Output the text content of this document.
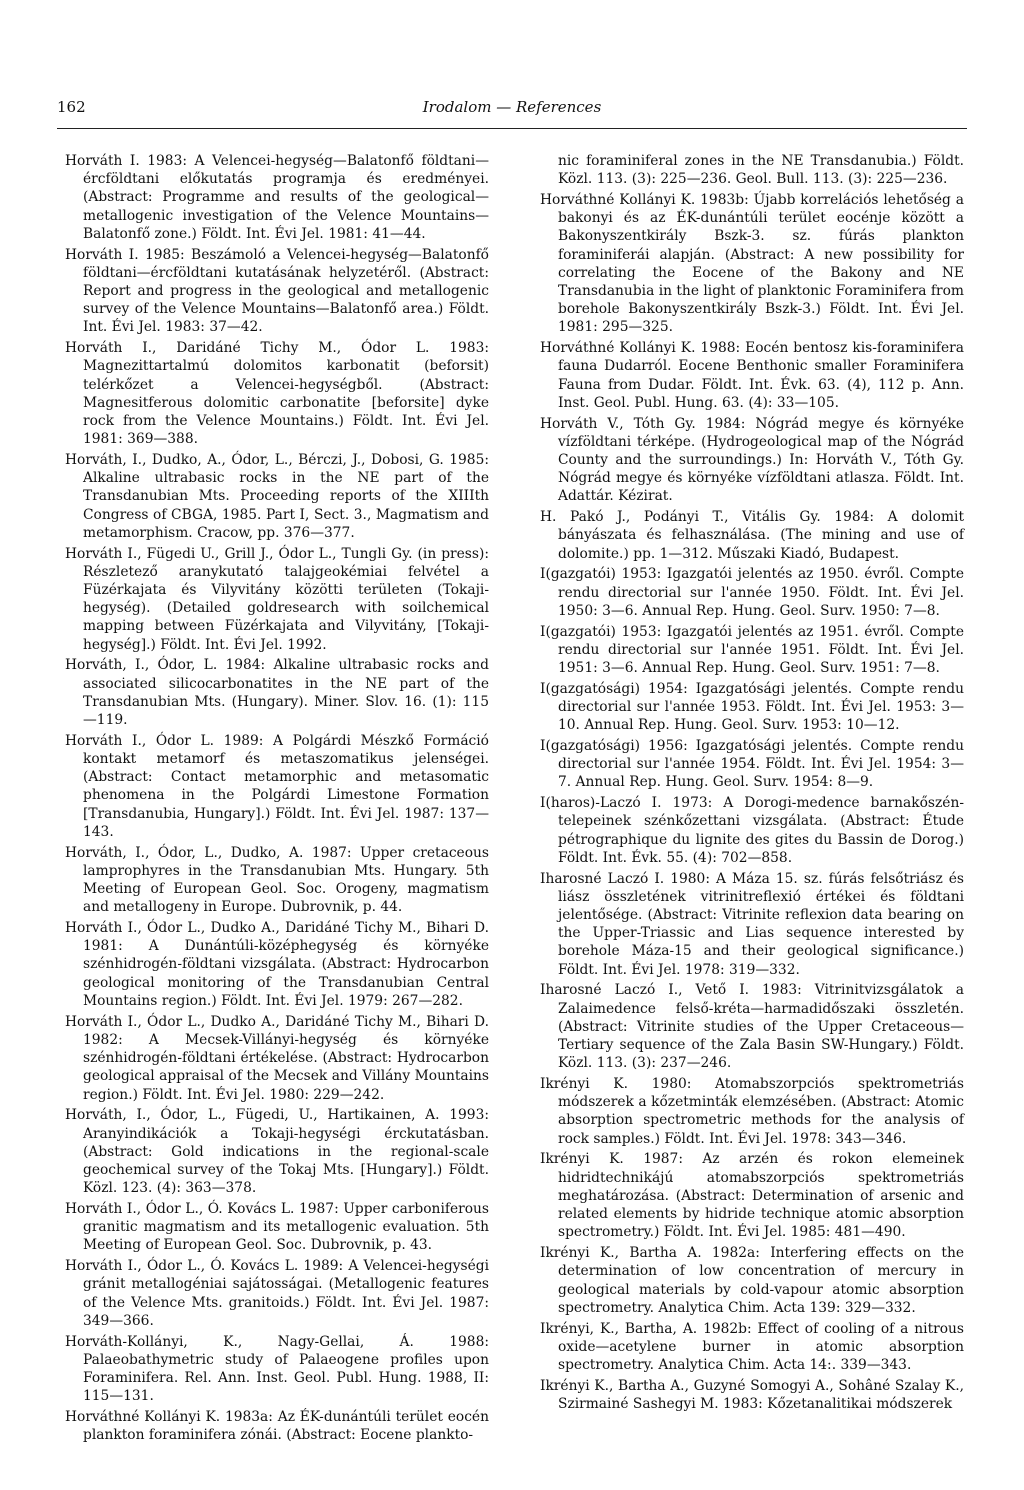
162	Irodalom — References

Horváth I. 1983: A Velencei-hegység—Balatonfő földtani—ércföldtani előkutatás programja és eredményei. (Abstract: Programme and results of the geological—metallogenic investigation of the Velence Mountains—Balatonfő zone.) Földt. Int. Évi Jel. 1981: 41—44.

Horváth I. 1985: Beszámoló a Velencei-hegység—Balatonfő földtani—ércföldtani kutatásának helyzetéről. (Abstract: Report and progress in the geological and metallogenic survey of the Velence Mountains—Balatonfő area.) Földt. Int. Évi Jel. 1983: 37—42.

Horváth I., Daridáné Tichy M., Ódor L. 1983: Magnezittartalmú dolomitos karbonatit (beforsit) telérkőzet a Velencei-hegységből. (Abstract: Magnesitferous dolomitic carbonatite [beforsite] dyke rock from the Velence Mountains.) Földt. Int. Évi Jel. 1981: 369—388.

Horváth, I., Dudko, A., Ódor, L., Bérczi, J., Dobosi, G. 1985: Alkaline ultrabasic rocks in the NE part of the Transdanubian Mts. Proceeding reports of the XIIIth Congress of CBGA, 1985. Part I, Sect. 3., Magmatism and metamorphism. Cracow, pp. 376—377.

Horváth I., Fügedi U., Grill J., Ódor L., Tungli Gy. (in press): Részletező aranykutató talajgeokémiai felvétel a Füzérkajata és Vilyvitány közötti területen (Tokaji-hegység). (Detailed goldresearch with soilchemical mapping between Füzérkajata and Vilyvitány, [Tokaji-hegység].) Földt. Int. Évi Jel. 1992.

Horváth, I., Ódor, L. 1984: Alkaline ultrabasic rocks and associated silicocarbonatites in the NE part of the Transdanubian Mts. (Hungary). Miner. Slov. 16. (1): 115—119.

Horváth I., Ódor L. 1989: A Polgárdi Mészkő Formáció kontakt metamorf és metaszomatikus jelenségei. (Abstract: Contact metamorphic and metasomatic phenomena in the Polgárdi Limestone Formation [Transdanubia, Hungary].) Földt. Int. Évi Jel. 1987: 137—143.

Horváth, I., Ódor, L., Dudko, A. 1987: Upper cretaceous lamprophyres in the Transdanubian Mts. Hungary. 5th Meeting of European Geol. Soc. Orogeny, magmatism and metallogeny in Europe. Dubrovnik, p. 44.

Horváth I., Ódor L., Dudko A., Daridáné Tichy M., Bihari D. 1981: A Dunántúli-középhegység és környéke szénhidrogén-földtani vizsgálata. (Abstract: Hydrocarbon geological monitoring of the Transdanubian Central Mountains region.) Földt. Int. Évi Jel. 1979: 267—282.

Horváth I., Ódor L., Dudko A., Daridáné Tichy M., Bihari D. 1982: A Mecsek-Villányi-hegység és környéke szénhidrogén-földtani értékelése. (Abstract: Hydrocarbon geological appraisal of the Mecsek and Villány Mountains region.) Földt. Int. Évi Jel. 1980: 229—242.

Horváth, I., Ódor, L., Fügedi, U., Hartikainen, A. 1993: Aranyindikációk a Tokaji-hegységi érckutatásban. (Abstract: Gold indications in the regional-scale geochemical survey of the Tokaj Mts. [Hungary].) Földt. Közl. 123. (4): 363—378.

Horváth I., Ódor L., Ó. Kovács L. 1987: Upper carboniferous granitic magmatism and its metallogenic evaluation. 5th Meeting of European Geol. Soc. Dubrovnik, p. 43.

Horváth I., Ódor L., Ó. Kovács L. 1989: A Velencei-hegységi gránit metallogéniai sajátosságai. (Metallogenic features of the Velence Mts. granitoids.) Földt. Int. Évi Jel. 1987: 349—366.

Horváth-Kollányi, K., Nagy-Gellai, Á. 1988: Palaeobathymetric study of Palaeogene profiles upon Foraminifera. Rel. Ann. Inst. Geol. Publ. Hung. 1988, II: 115—131.

Horváthné Kollányi K. 1983a: Az ÉK-dunántúli terület eocén plankton foraminifera zónái. (Abstract: Eocene plankto-

nic foraminiferal zones in the NE Transdanubia.) Földt. Közl. 113. (3): 225—236. Geol. Bull. 113. (3): 225—236.

Horváthné Kollányi K. 1983b: Újabb korrelációs lehetőség a bakonyi és az ÉK-dunántúli terület eocénje között a Bakonyszentkirály Bszk-3. sz. fúrás plankton foraminiferái alapján. (Abstract: A new possibility for correlating the Eocene of the Bakony and NE Transdanubia in the light of planktonic Foraminifera from borehole Bakonyszentkirály Bszk-3.) Földt. Int. Évi Jel. 1981: 295—325.

Horváthné Kollányi K. 1988: Eocén bentosz kis-foraminifera fauna Dudarról. Eocene Benthonic smaller Foraminifera Fauna from Dudar. Földt. Int. Évk. 63. (4), 112 p. Ann. Inst. Geol. Publ. Hung. 63. (4): 33—105.

Horváth V., Tóth Gy. 1984: Nógrád megye és környéke vízföldtani térképe. (Hydrogeological map of the Nógrád County and the surroundings.) In: Horváth V., Tóth Gy. Nógrád megye és környéke vízföldtani atlasza. Földt. Int. Adattár. Kézirat.

H. Pakó J., Podányi T., Vitális Gy. 1984: A dolomit bányászata és felhasználása. (The mining and use of dolomite.) pp. 1—312. Műszaki Kiadó, Budapest.

I(gazgatói) 1953: Igazgatói jelentés az 1950. évről. Compte rendu directorial sur l'année 1950. Földt. Int. Évi Jel. 1950: 3—6. Annual Rep. Hung. Geol. Surv. 1950: 7—8.

I(gazgatói) 1953: Igazgatói jelentés az 1951. évről. Compte rendu directorial sur l'année 1951. Földt. Int. Évi Jel. 1951: 3—6. Annual Rep. Hung. Geol. Surv. 1951: 7—8.

I(gazgatósági) 1954: Igazgatósági jelentés. Compte rendu directorial sur l'année 1953. Földt. Int. Évi Jel. 1953: 3—10. Annual Rep. Hung. Geol. Surv. 1953: 10—12.

I(gazgatósági) 1956: Igazgatósági jelentés. Compte rendu directorial sur l'année 1954. Földt. Int. Évi Jel. 1954: 3—7. Annual Rep. Hung. Geol. Surv. 1954: 8—9.

I(haros)-Laczó I. 1973: A Dorogi-medence barnakőszén-telepeinek szénkőzettani vizsgálata. (Abstract: Étude pétrographique du lignite des gites du Bassin de Dorog.) Földt. Int. Évk. 55. (4): 702—858.

Iharosné Laczó I. 1980: A Máza 15. sz. fúrás felsőtriász és liász összletének vitrinitreflexió értékei és földtani jelentősége. (Abstract: Vitrinite reflexion data bearing on the Upper-Triassic and Lias sequence interested by borehole Máza-15 and their geological significance.) Földt. Int. Évi Jel. 1978: 319—332.

Iharosné Laczó I., Vető I. 1983: Vitrinitvizsgálatok a Zalaimedence felső-kréta—harmadidőszaki összletén. (Abstract: Vitrinite studies of the Upper Cretaceous—Tertiary sequence of the Zala Basin SW-Hungary.) Földt. Közl. 113. (3): 237—246.

Ikrényi K. 1980: Atomabszorpciós spektrometriás módszerek a kőzetminták elemzésében. (Abstract: Atomic absorption spectrometric methods for the analysis of rock samples.) Földt. Int. Évi Jel. 1978: 343—346.

Ikrényi K. 1987: Az arzén és rokon elemeinek hidridtechnikájú atomabszorpciós spektrometriás meghatározása. (Abstract: Determination of arsenic and related elements by hidride technique atomic absorption spectrometry.) Földt. Int. Évi Jel. 1985: 481—490.

Ikrényi K., Bartha A. 1982a: Interfering effects on the determination of low concentration of mercury in geological materials by cold-vapour atomic absorption spectrometry. Analytica Chim. Acta 139: 329—332.

Ikrényi, K., Bartha, A. 1982b: Effect of cooling of a nitrous oxide—acetylene burner in atomic absorption spectrometry. Analytica Chim. Acta 14:. 339—343.

Ikrényi K., Bartha A., Guzyné Somogyi A., Sohâné Szalay K., Szirmainé Sashegyi M. 1983: Kőzetanalitikai módszerek
